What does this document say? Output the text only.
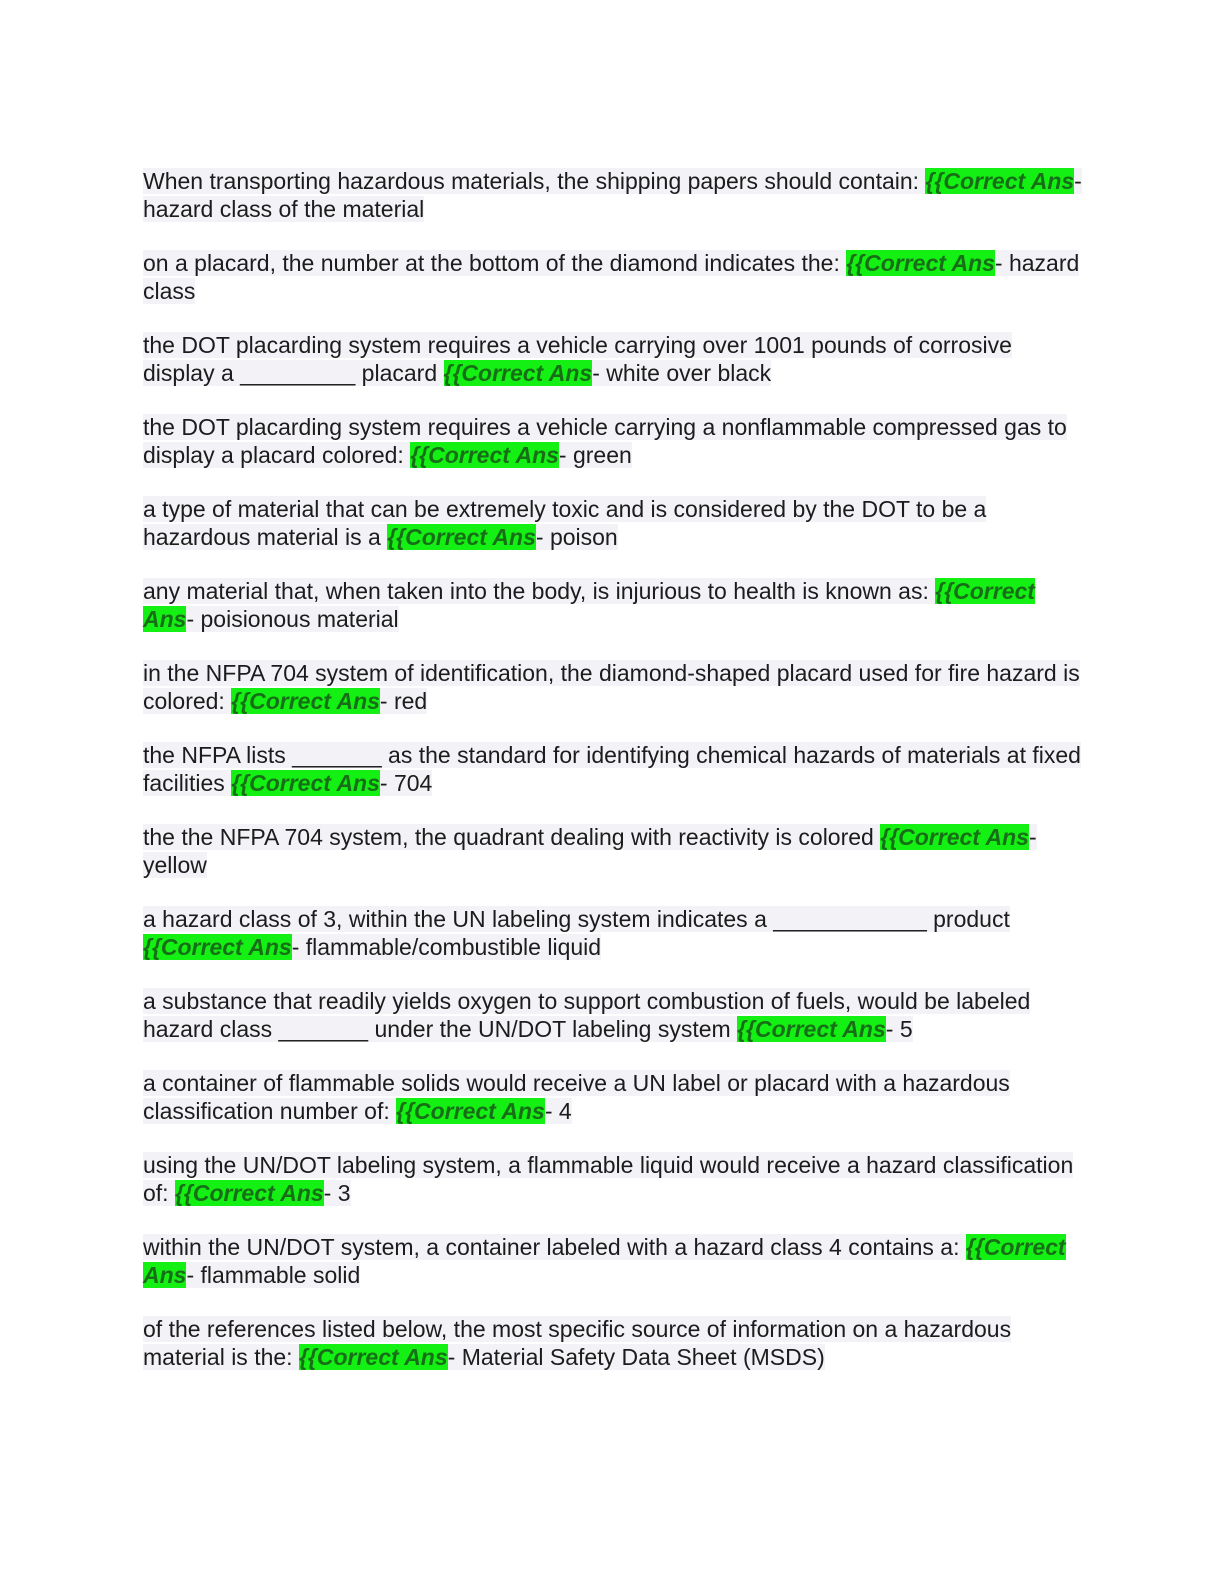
When transporting hazardous materials, the shipping papers should contain: {{Correct Ans- hazard class of the material

on a placard, the number at the bottom of the diamond indicates the: {{Correct Ans- hazard class

the DOT placarding system requires a vehicle carrying over 1001 pounds of corrosive display a _________ placard {{Correct Ans- white over black

the DOT placarding system requires a vehicle carrying a nonflammable compressed gas to display a placard colored: {{Correct Ans- green

a type of material that can be extremely toxic and is considered by the DOT to be a hazardous material is a {{Correct Ans- poison

any material that, when taken into the body, is injurious to health is known as: {{Correct Ans- poisionous material

in the NFPA 704 system of identification, the diamond-shaped placard used for fire hazard is colored: {{Correct Ans- red

the NFPA lists _______ as the standard for identifying chemical hazards of materials at fixed facilities {{Correct Ans- 704

the the NFPA 704 system, the quadrant dealing with reactivity is colored {{Correct Ans- yellow

a hazard class of 3, within the UN labeling system indicates a ____________ product {{Correct Ans- flammable/combustible liquid

a substance that readily yields oxygen to support combustion of fuels, would be labeled hazard class _______ under the UN/DOT labeling system {{Correct Ans- 5

a container of flammable solids would receive a UN label or placard with a hazardous classification number of: {{Correct Ans- 4

using the UN/DOT labeling system, a flammable liquid would receive a hazard classification of: {{Correct Ans- 3

within the UN/DOT system, a container labeled with a hazard class 4 contains a: {{Correct Ans- flammable solid

of the references listed below, the most specific source of information on a hazardous material is the: {{Correct Ans- Material Safety Data Sheet (MSDS)
